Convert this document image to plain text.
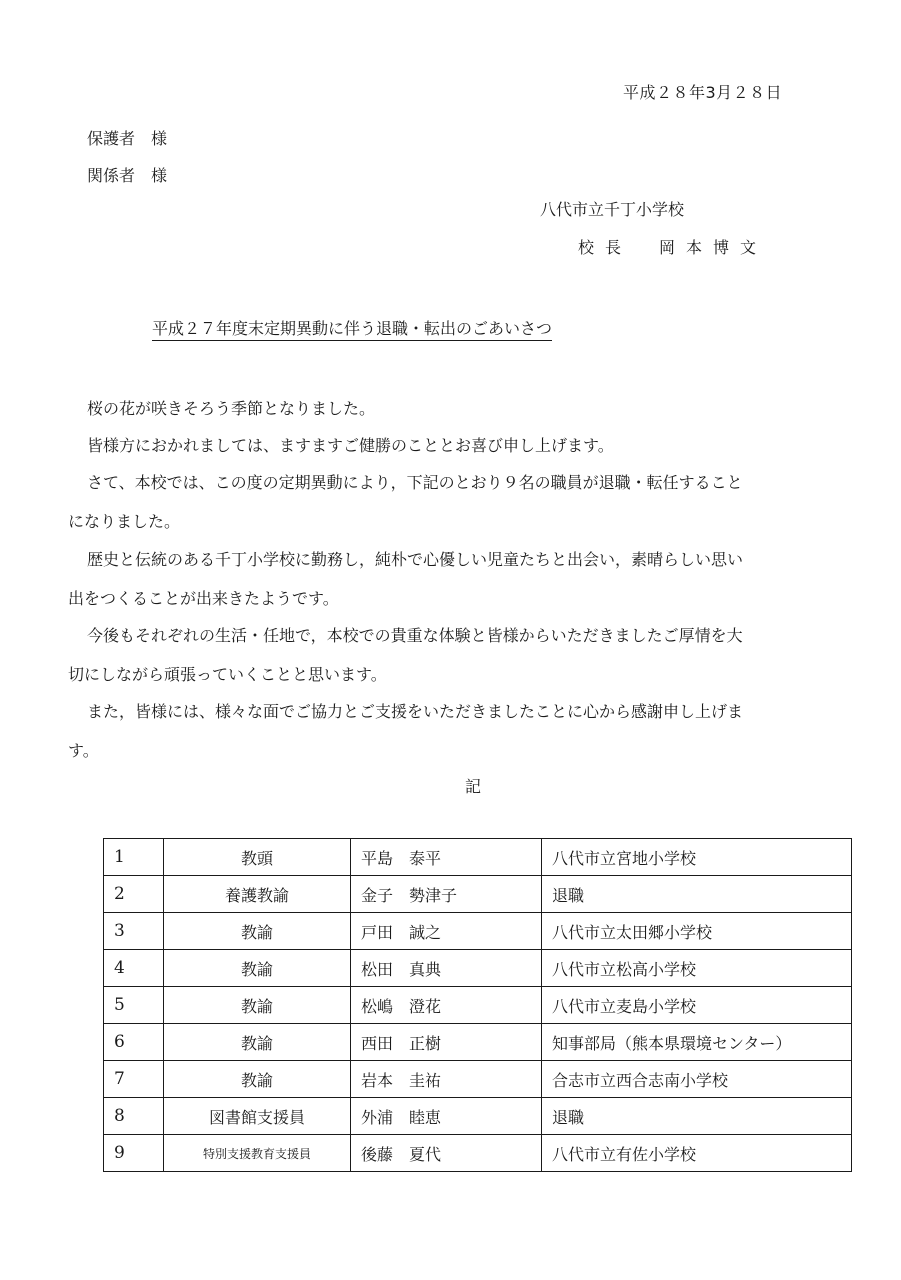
平成２８年3月２８日
保護者　様
関係者　様
八代市立千丁小学校
校長　岡本博文
平成２７年度末定期異動に伴う退職・転出のごあいさつ
桜の花が咲きそろう季節となりました。
皆様方におかれましては、ますますご健勝のこととお喜び申し上げます。
さて、本校では、この度の定期異動により，下記のとおり９名の職員が退職・転任すること
になりました。
歴史と伝統のある千丁小学校に勤務し，純朴で心優しい児童たちと出会い，素晴らしい思い
出をつくることが出来きたようです。
今後もそれぞれの生活・任地で，本校での貴重な体験と皆様からいただきましたご厚情を大
切にしながら頑張っていくことと思います。
また，皆様には、様々な面でご協力とご支援をいただきましたことに心から感謝申し上げま
す。
記
1	教頭	平島　泰平	八代市立宮地小学校
2	養護教諭	金子　勢津子	退職
3	教諭	戸田　誠之	八代市立太田郷小学校
4	教諭	松田　真典	八代市立松高小学校
5	教諭	松嶋　澄花	八代市立麦島小学校
6	教諭	西田　正樹	知事部局（熊本県環境センター）
7	教諭	岩本　圭祐	合志市立西合志南小学校
8	図書館支援員	外浦　睦恵	退職
9	特別支援教育支援員	後藤　夏代	八代市立有佐小学校
